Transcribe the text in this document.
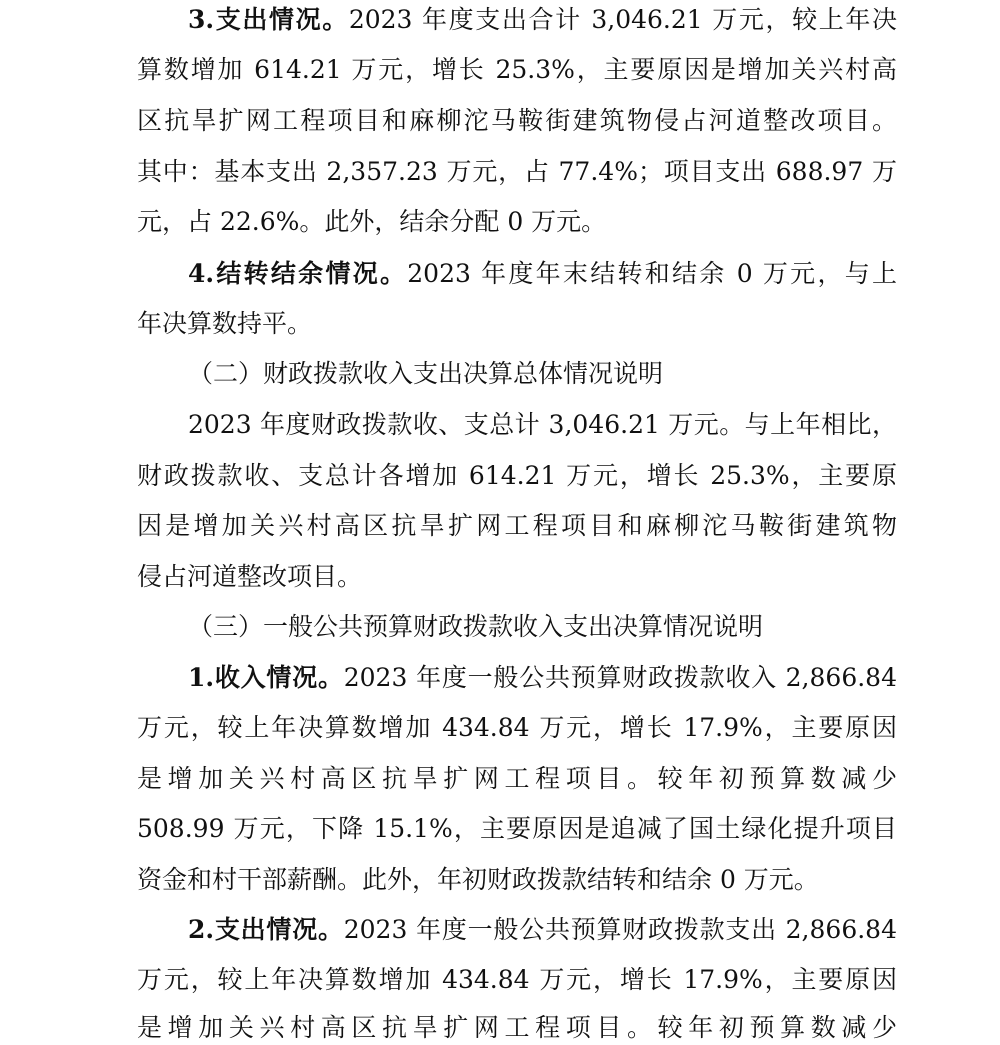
3.支出情况。2023 年度支出合计 3,046.21 万元，较上年决
算数增加 614.21 万元，增长 25.3%，主要原因是增加关兴村高
区抗旱扩网工程项目和麻柳沱马鞍街建筑物侵占河道整改项目。
其中：基本支出 2,357.23 万元，占 77.4%；项目支出 688.97 万
元，占 22.6%。此外，结余分配 0 万元。
4.结转结余情况。2023 年度年末结转和结余 0 万元，与上
年决算数持平。
（二）财政拨款收入支出决算总体情况说明
2023 年度财政拨款收、支总计 3,046.21 万元。与上年相比，
财政拨款收、支总计各增加 614.21 万元，增长 25.3%，主要原
因是增加关兴村高区抗旱扩网工程项目和麻柳沱马鞍街建筑物
侵占河道整改项目。
（三）一般公共预算财政拨款收入支出决算情况说明
1.收入情况。2023 年度一般公共预算财政拨款收入 2,866.84
万元，较上年决算数增加 434.84 万元，增长 17.9%，主要原因
是增加关兴村高区抗旱扩网工程项目。较年初预算数减少
508.99 万元，下降 15.1%，主要原因是追减了国土绿化提升项目
资金和村干部薪酬。此外，年初财政拨款结转和结余 0 万元。
2.支出情况。2023 年度一般公共预算财政拨款支出 2,866.84
万元，较上年决算数增加 434.84 万元，增长 17.9%，主要原因
是增加关兴村高区抗旱扩网工程项目。较年初预算数减少
